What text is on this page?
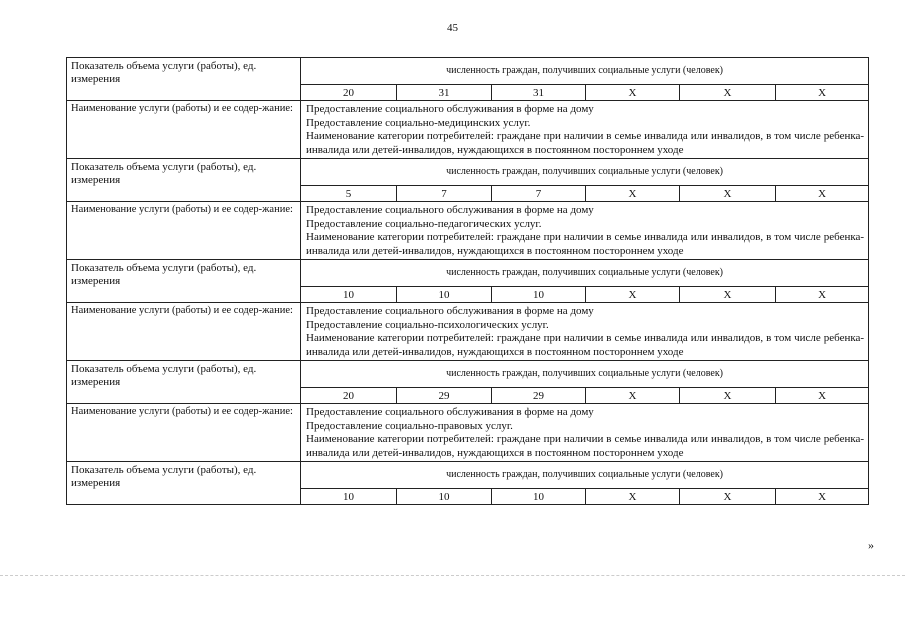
45
Показатель объема услуги (работы), ед. измерения	численность граждан, получивших социальные услуги (человек)					
	20	31	31	Х	Х	Х
Наименование услуги (работы) и ее содер-жание:	Предоставление социального обслуживания в форме на дому
Предоставление социально-медицинских услуг.
Наименование категории потребителей: граждане при наличии в семье инвалида или инвалидов, в том числе ребенка-инвалида или детей-инвалидов, нуждающихся в постоянном постороннем уходе					

Показатель объема услуги (работы), ед. измерения	численность граждан, получивших социальные услуги (человек)					
	5	7	7	Х	Х	Х
Наименование услуги (работы) и ее содер-жание:	Предоставление социального обслуживания в форме на дому
Предоставление социально-педагогических услуг.
Наименование категории потребителей: граждане при наличии в семье инвалида или инвалидов, в том числе ребенка-инвалида или детей-инвалидов, нуждающихся в постоянном постороннем уходе					

Показатель объема услуги (работы), ед. измерения	численность граждан, получивших социальные услуги (человек)					
	10	10	10	Х	Х	Х
Наименование услуги (работы) и ее содер-жание:	Предоставление социального обслуживания в форме на дому
Предоставление социально-психологических услуг.
Наименование категории потребителей: граждане при наличии в семье инвалида или инвалидов, в том числе ребенка-инвалида или детей-инвалидов, нуждающихся в постоянном постороннем уходе					

Показатель объема услуги (работы), ед. измерения	численность граждан, получивших социальные услуги (человек)					
	20	29	29	Х	Х	Х
Наименование услуги (работы) и ее содер-жание:	Предоставление социального обслуживания в форме на дому
Предоставление социально-правовых услуг.
Наименование категории потребителей: граждане при наличии в семье инвалида или инвалидов, в том числе ребенка-инвалида или детей-инвалидов, нуждающихся в постоянном постороннем уходе					

Показатель объема услуги (работы), ед. измерения	численность граждан, получивших социальные услуги (человек)					
	10	10	10	Х	Х	Х
»
